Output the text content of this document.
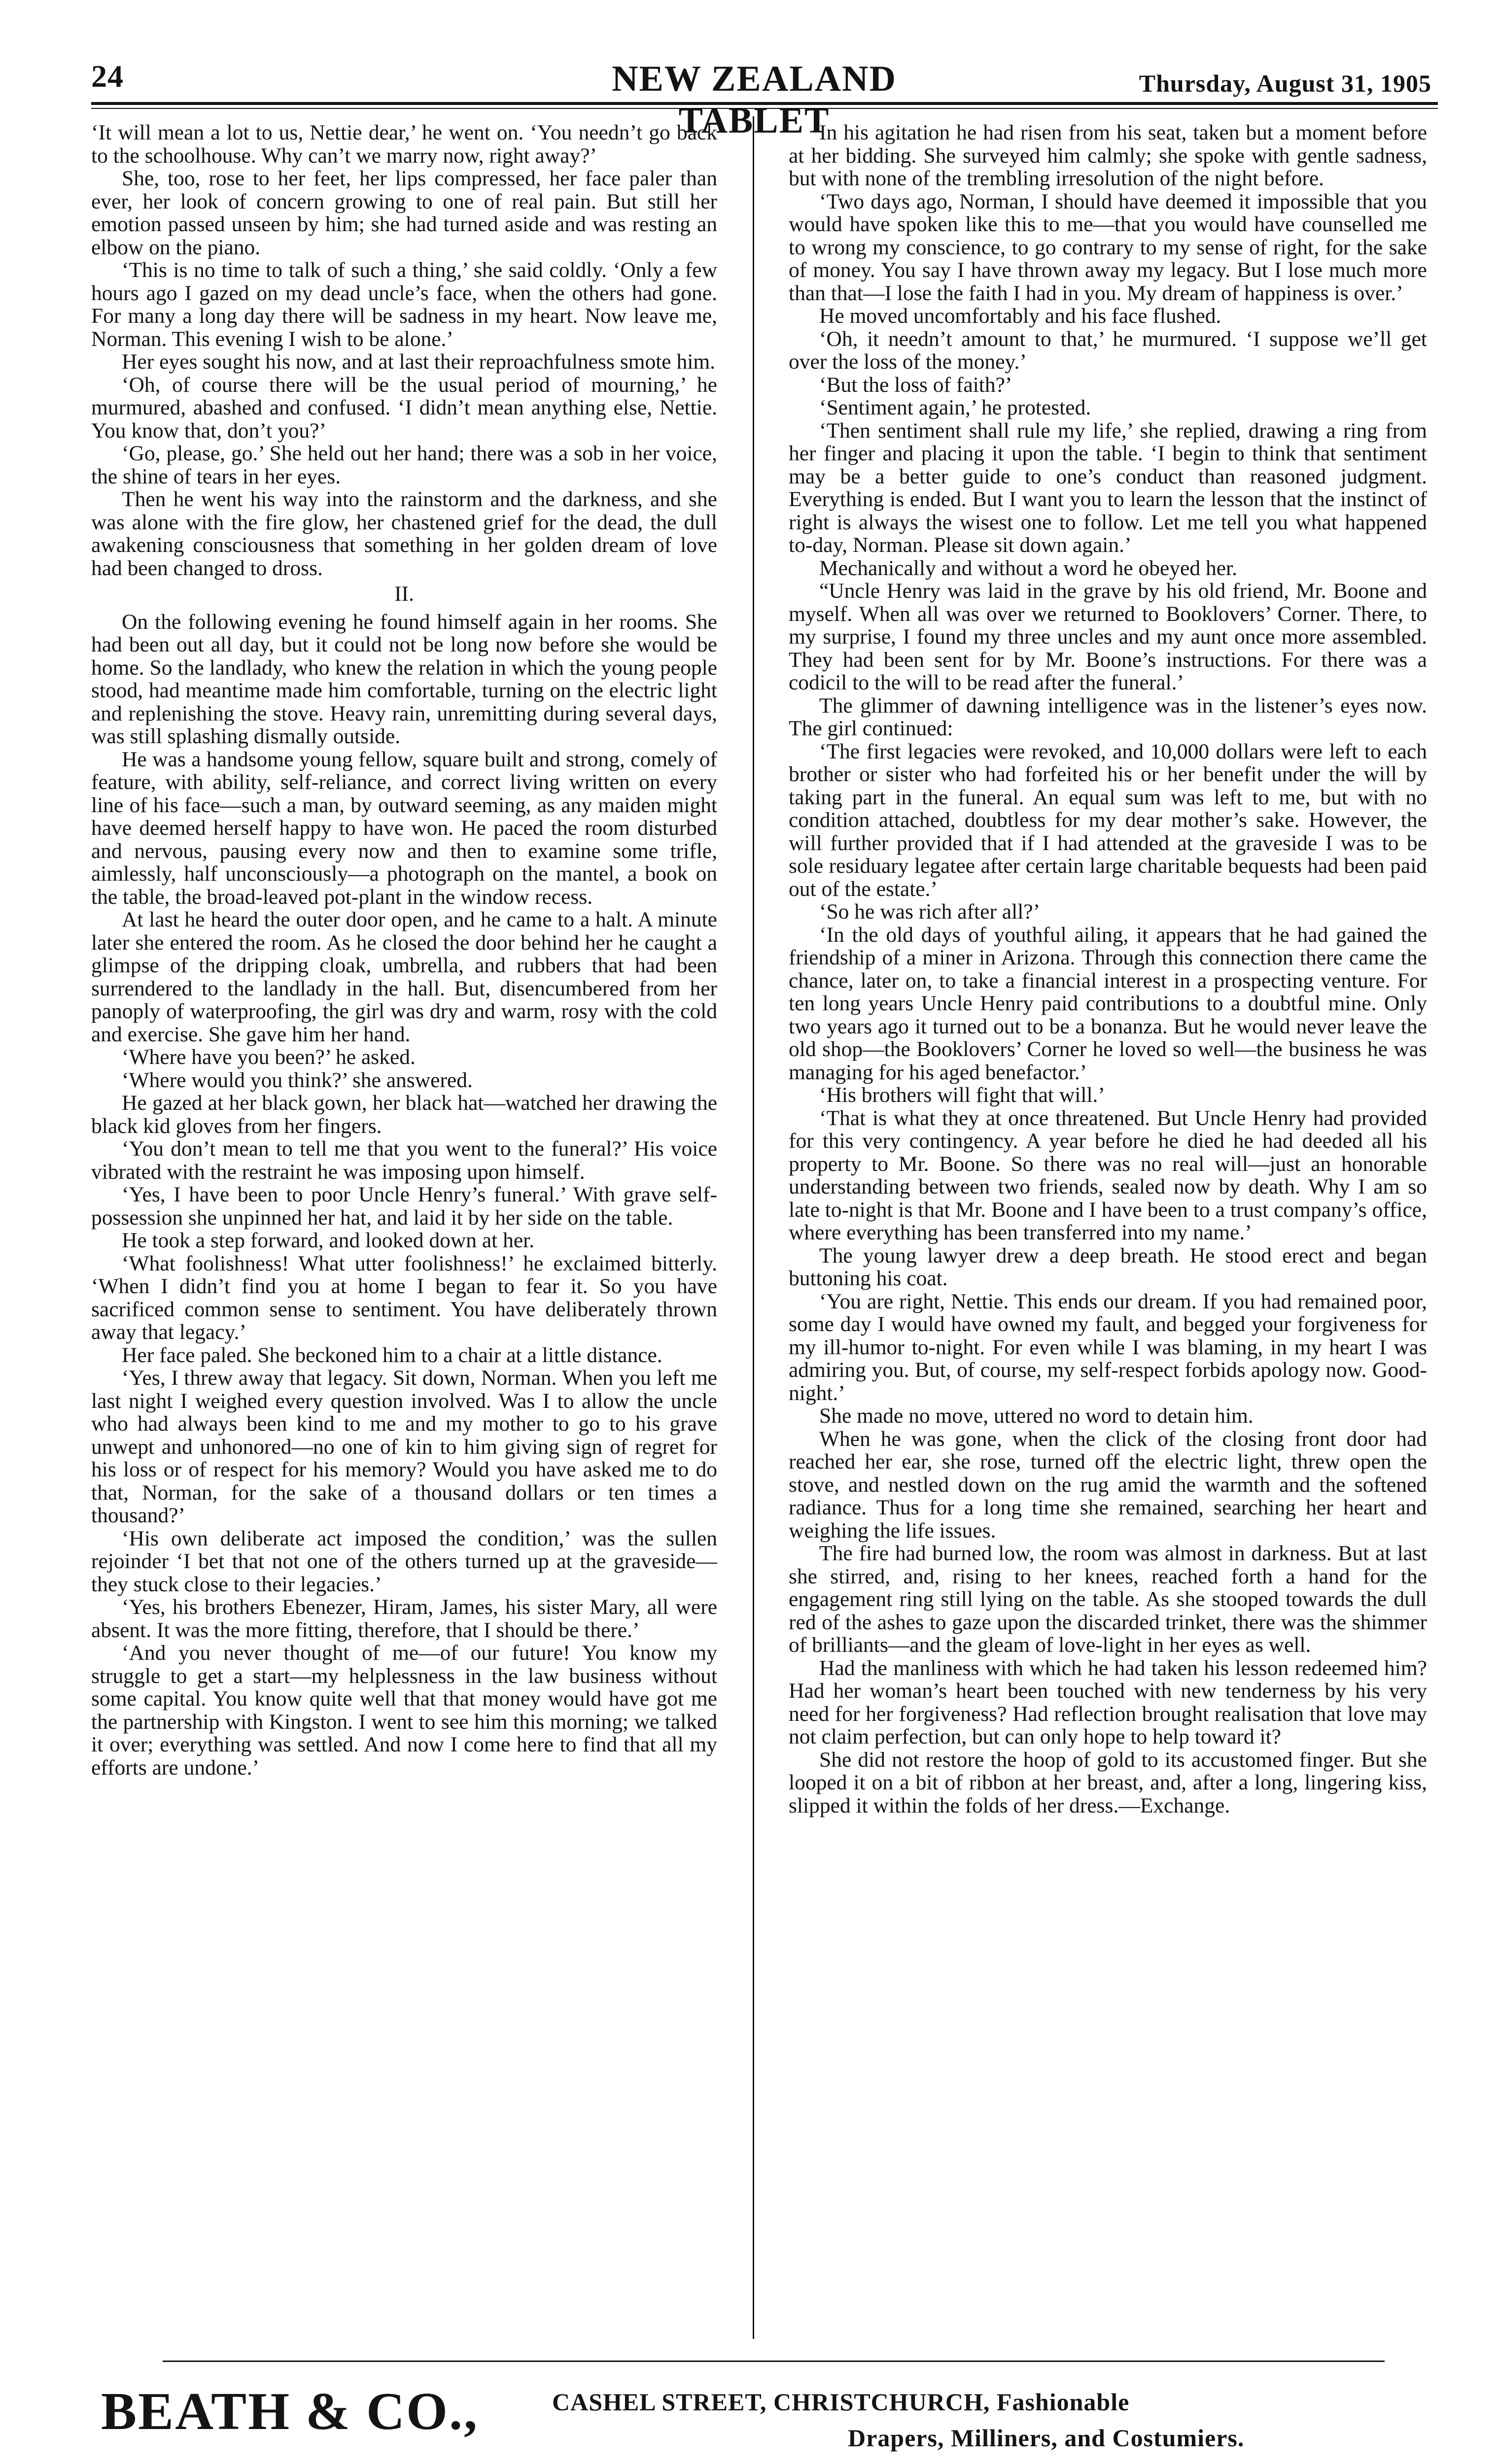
24	NEW ZEALAND TABLET
Thursday, August 31, 1905

‘It will mean a lot to us, Nettie dear,’ he went on. ‘You needn’t go back to the schoolhouse. Why can’t we marry now, right away?’

She, too, rose to her feet, her lips compressed, her face paler than ever, her look of concern growing to one of real pain. But still her emotion passed unseen by him; she had turned aside and was resting an elbow on the piano.

‘This is no time to talk of such a thing,’ she said coldly. ‘Only a few hours ago I gazed on my dead uncle’s face, when the others had gone. For many a long day there will be sadness in my heart. Now leave me, Norman. This evening I wish to be alone.’

Her eyes sought his now, and at last their reproachfulness smote him.

‘Oh, of course there will be the usual period of mourning,’ he murmured, abashed and confused. ‘I didn’t mean anything else, Nettie. You know that, don’t you?’

‘Go, please, go.’ She held out her hand; there was a sob in her voice, the shine of tears in her eyes.

Then he went his way into the rainstorm and the darkness, and she was alone with the fire glow, her chastened grief for the dead, the dull awakening consciousness that something in her golden dream of love had been changed to dross.

II.

On the following evening he found himself again in her rooms. She had been out all day, but it could not be long now before she would be home. So the landlady, who knew the relation in which the young people stood, had meantime made him comfortable, turning on the electric light and replenishing the stove. Heavy rain, unremitting during several days, was still splashing dismally outside.

He was a handsome young fellow, square built and strong, comely of feature, with ability, self-reliance, and correct living written on every line of his face—such a man, by outward seeming, as any maiden might have deemed herself happy to have won. He paced the room disturbed and nervous, pausing every now and then to examine some trifle, aimlessly, half unconsciously—a photograph on the mantel, a book on the table, the broad-leaved pot-plant in the window recess.

At last he heard the outer door open, and he came to a halt. A minute later she entered the room. As he closed the door behind her he caught a glimpse of the dripping cloak, umbrella, and rubbers that had been surrendered to the landlady in the hall. But, disencumbered from her panoply of waterproofing, the girl was dry and warm, rosy with the cold and exercise. She gave him her hand.

‘Where have you been?’ he asked.

‘Where would you think?’ she answered.

He gazed at her black gown, her black hat—watched her drawing the black kid gloves from her fingers.

‘You don’t mean to tell me that you went to the funeral?’ His voice vibrated with the restraint he was imposing upon himself.

‘Yes, I have been to poor Uncle Henry’s funeral.’ With grave self-possession she unpinned her hat, and laid it by her side on the table.

He took a step forward, and looked down at her.

‘What foolishness! What utter foolishness!’ he exclaimed bitterly. ‘When I didn’t find you at home I began to fear it. So you have sacrificed common sense to sentiment. You have deliberately thrown away that legacy.’

Her face paled. She beckoned him to a chair at a little distance.

‘Yes, I threw away that legacy. Sit down, Norman. When you left me last night I weighed every question involved. Was I to allow the uncle who had always been kind to me and my mother to go to his grave unwept and unhonored—no one of kin to him giving sign of regret for his loss or of respect for his memory? Would you have asked me to do that, Norman, for the sake of a thousand dollars or ten times a thousand?’

‘His own deliberate act imposed the condition,’ was the sullen rejoinder ‘I bet that not one of the others turned up at the graveside—they stuck close to their legacies.’

‘Yes, his brothers Ebenezer, Hiram, James, his sister Mary, all were absent. It was the more fitting, therefore, that I should be there.’

‘And you never thought of me—of our future! You know my struggle to get a start—my helplessness in the law business without some capital. You know quite well that that money would have got me the partnership with Kingston. I went to see him this morning; we talked it over; everything was settled. And now I come here to find that all my efforts are undone.’

In his agitation he had risen from his seat, taken but a moment before at her bidding. She surveyed him calmly; she spoke with gentle sadness, but with none of the trembling irresolution of the night before.

‘Two days ago, Norman, I should have deemed it impossible that you would have spoken like this to me—that you would have counselled me to wrong my conscience, to go contrary to my sense of right, for the sake of money. You say I have thrown away my legacy. But I lose much more than that—I lose the faith I had in you. My dream of happiness is over.’

He moved uncomfortably and his face flushed.

‘Oh, it needn’t amount to that,’ he murmured. ‘I suppose we’ll get over the loss of the money.’

‘But the loss of faith?’

‘Sentiment again,’ he protested.

‘Then sentiment shall rule my life,’ she replied, drawing a ring from her finger and placing it upon the table. ‘I begin to think that sentiment may be a better guide to one’s conduct than reasoned judgment. Everything is ended. But I want you to learn the lesson that the instinct of right is always the wisest one to follow. Let me tell you what happened to-day, Norman. Please sit down again.’

Mechanically and without a word he obeyed her.

“Uncle Henry was laid in the grave by his old friend, Mr. Boone and myself. When all was over we returned to Booklovers’ Corner. There, to my surprise, I found my three uncles and my aunt once more assembled. They had been sent for by Mr. Boone’s instructions. For there was a codicil to the will to be read after the funeral.’

The glimmer of dawning intelligence was in the listener’s eyes now. The girl continued:

‘The first legacies were revoked, and 10,000 dollars were left to each brother or sister who had forfeited his or her benefit under the will by taking part in the funeral. An equal sum was left to me, but with no condition attached, doubtless for my dear mother’s sake. However, the will further provided that if I had attended at the graveside I was to be sole residuary legatee after certain large charitable bequests had been paid out of the estate.’

‘So he was rich after all?’

‘In the old days of youthful ailing, it appears that he had gained the friendship of a miner in Arizona. Through this connection there came the chance, later on, to take a financial interest in a prospecting venture. For ten long years Uncle Henry paid contributions to a doubtful mine. Only two years ago it turned out to be a bonanza. But he would never leave the old shop—the Booklovers’ Corner he loved so well—the business he was managing for his aged benefactor.’

‘His brothers will fight that will.’

‘That is what they at once threatened. But Uncle Henry had provided for this very contingency. A year before he died he had deeded all his property to Mr. Boone. So there was no real will—just an honorable understanding between two friends, sealed now by death. Why I am so late to-night is that Mr. Boone and I have been to a trust company’s office, where everything has been transferred into my name.’

The young lawyer drew a deep breath. He stood erect and began buttoning his coat.

‘You are right, Nettie. This ends our dream. If you had remained poor, some day I would have owned my fault, and begged your forgiveness for my ill-humor to-night. For even while I was blaming, in my heart I was admiring you. But, of course, my self-respect forbids apology now. Good-night.’

She made no move, uttered no word to detain him.

When he was gone, when the click of the closing front door had reached her ear, she rose, turned off the electric light, threw open the stove, and nestled down on the rug amid the warmth and the softened radiance. Thus for a long time she remained, searching her heart and weighing the life issues.

The fire had burned low, the room was almost in darkness. But at last she stirred, and, rising to her knees, reached forth a hand for the engagement ring still lying on the table. As she stooped towards the dull red of the ashes to gaze upon the discarded trinket, there was the shimmer of brilliants—and the gleam of love-light in her eyes as well.

Had the manliness with which he had taken his lesson redeemed him? Had her woman’s heart been touched with new tenderness by his very need for her forgiveness? Had reflection brought realisation that love may not claim perfection, but can only hope to help toward it?

She did not restore the hoop of gold to its accustomed finger. But she looped it on a bit of ribbon at her breast, and, after a long, lingering kiss, slipped it within the folds of her dress.—Exchange.

BEATH & CO.,	CASHEL STREET, CHRISTCHURCH, Fashionable
Drapers, Milliners, and Costumiers.
